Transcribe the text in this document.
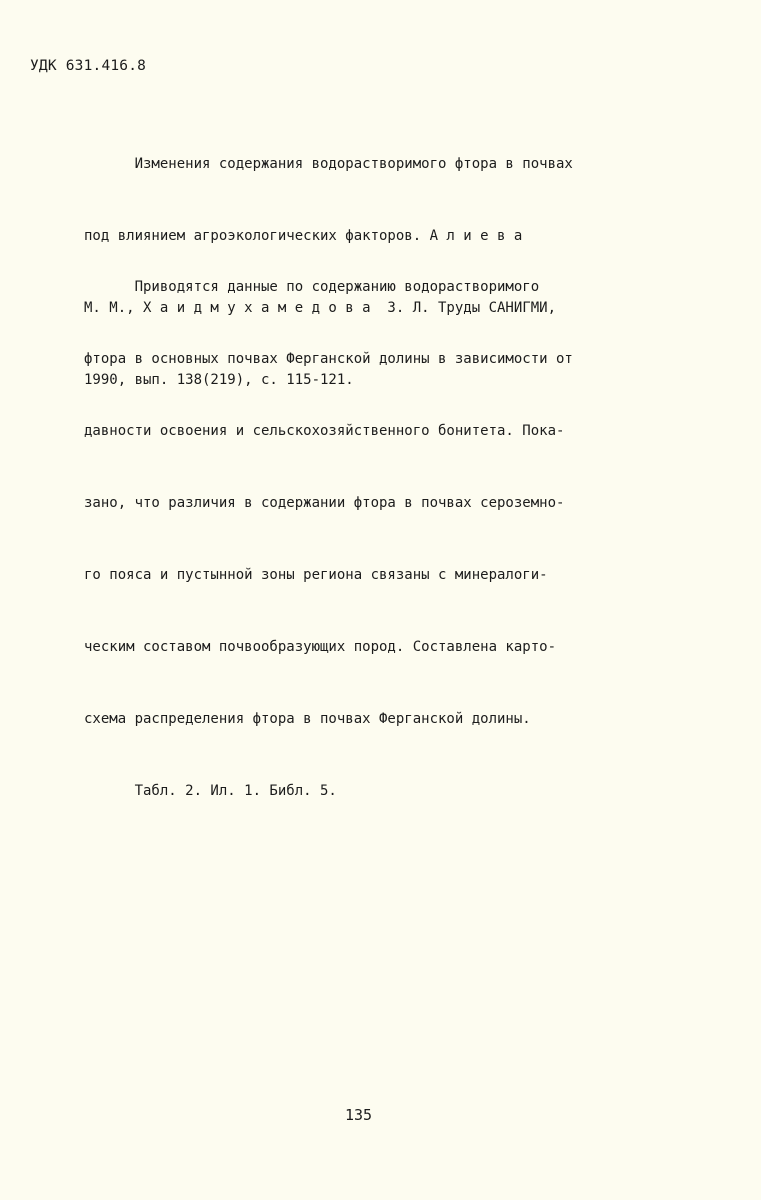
УДК 631.416.8

Изменения содержания водорастворимого фтора в почвах

под влиянием агроэкологических факторов. А л и е в а

М. М., Х а и д м у х а м е д о в а  З. Л. Труды САНИГМИ,

1990, вып. 138(219), с. 115-121.

Приводятся данные по содержанию водорастворимого

фтора в основных почвах Ферганской долины в зависимости от

давности освоения и сельскохозяйственного бонитета. Пока-

зано, что различия в содержании фтора в почвах сероземно-

го пояса и пустынной зоны региона связаны с минералоги-

ческим составом почвообразующих пород. Составлена карто-

схема распределения фтора в почвах Ферганской долины.

Табл. 2. Ил. 1. Библ. 5.

135
